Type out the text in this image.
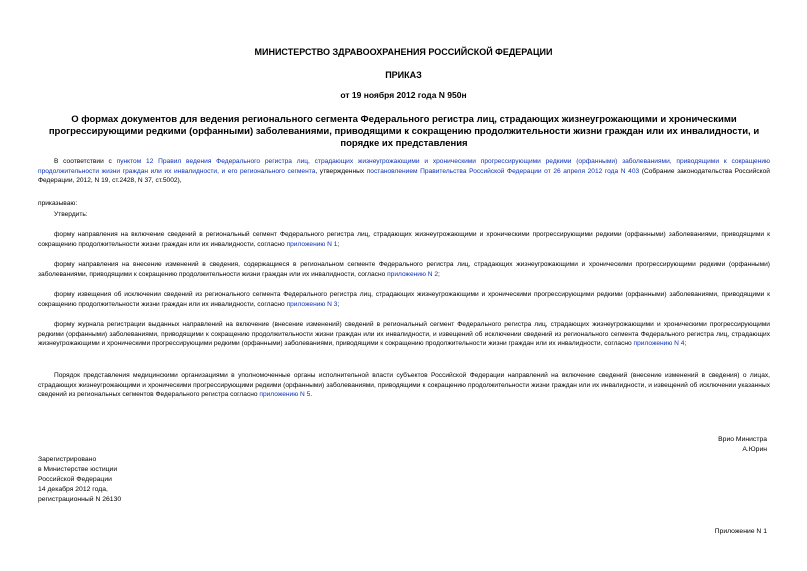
МИНИСТЕРСТВО ЗДРАВООХРАНЕНИЯ РОССИЙСКОЙ ФЕДЕРАЦИИ
ПРИКАЗ
от 19 ноября 2012 года N 950н
О формах документов для ведения регионального сегмента Федерального регистра лиц, страдающих жизнеугрожающими и хроническими прогрессирующими редкими (орфанными) заболеваниями, приводящими к сокращению продолжительности жизни граждан или их инвалидности, и порядке их представления
В соответствии с пунктом 12 Правил ведения Федерального регистра лиц, страдающих жизнеугрожающими и хроническими прогрессирующими редкими (орфанными) заболеваниями, приводящими к сокращению продолжительности жизни граждан или их инвалидности, и его регионального сегмента, утвержденных постановлением Правительства Российской Федерации от 26 апреля 2012 года N 403 (Собрание законодательства Российской Федерации, 2012, N 19, ст.2428, N 37, ст.5002),
приказываю:
Утвердить:
форму направления на включение сведений в региональный сегмент Федерального регистра лиц, страдающих жизнеугрожающими и хроническими прогрессирующими редкими (орфанными) заболеваниями, приводящими к сокращению продолжительности жизни граждан или их инвалидности, согласно приложению N 1;
форму направления на внесение изменений в сведения, содержащиеся в региональном сегменте Федерального регистра лиц, страдающих жизнеугрожающими и хроническими прогрессирующими редкими (орфанными) заболеваниями, приводящими к сокращению продолжительности жизни граждан или их инвалидности, согласно приложению N 2;
форму извещения об исключении сведений из регионального сегмента Федерального регистра лиц, страдающих жизнеугрожающими и хроническими прогрессирующими редкими (орфанными) заболеваниями, приводящими к сокращению продолжительности жизни граждан или их инвалидности, согласно приложению N 3;
форму журнала регистрации выданных направлений на включение (внесение изменений) сведений в региональный сегмент Федерального регистра лиц, страдающих жизнеугрожающими и хроническими прогрессирующими редкими (орфанными) заболеваниями, приводящими к сокращению продолжительности жизни граждан или их инвалидности, и извещений об исключении сведений из регионального сегмента Федерального регистра лиц, страдающих жизнеугрожающими и хроническими прогрессирующими редкими (орфанными) заболеваниями, приводящими к сокращению продолжительности жизни граждан или их инвалидности, согласно приложению N 4;
Порядок представления медицинскими организациями в уполномоченные органы исполнительной власти субъектов Российской Федерации направлений на включение сведений (внесение изменений в сведения) о лицах, страдающих жизнеугрожающими и хроническими прогрессирующими редкими (орфанными) заболеваниями, приводящими к сокращению продолжительности жизни граждан или их инвалидности, и извещений об исключении указанных сведений из региональных сегментов Федерального регистра согласно приложению N 5.
Врио Министра
А.Юрин
Зарегистрировано
в Министерстве юстиции
Российской Федерации
14 декабря 2012 года,
регистрационный N 26130
Приложение N 1
